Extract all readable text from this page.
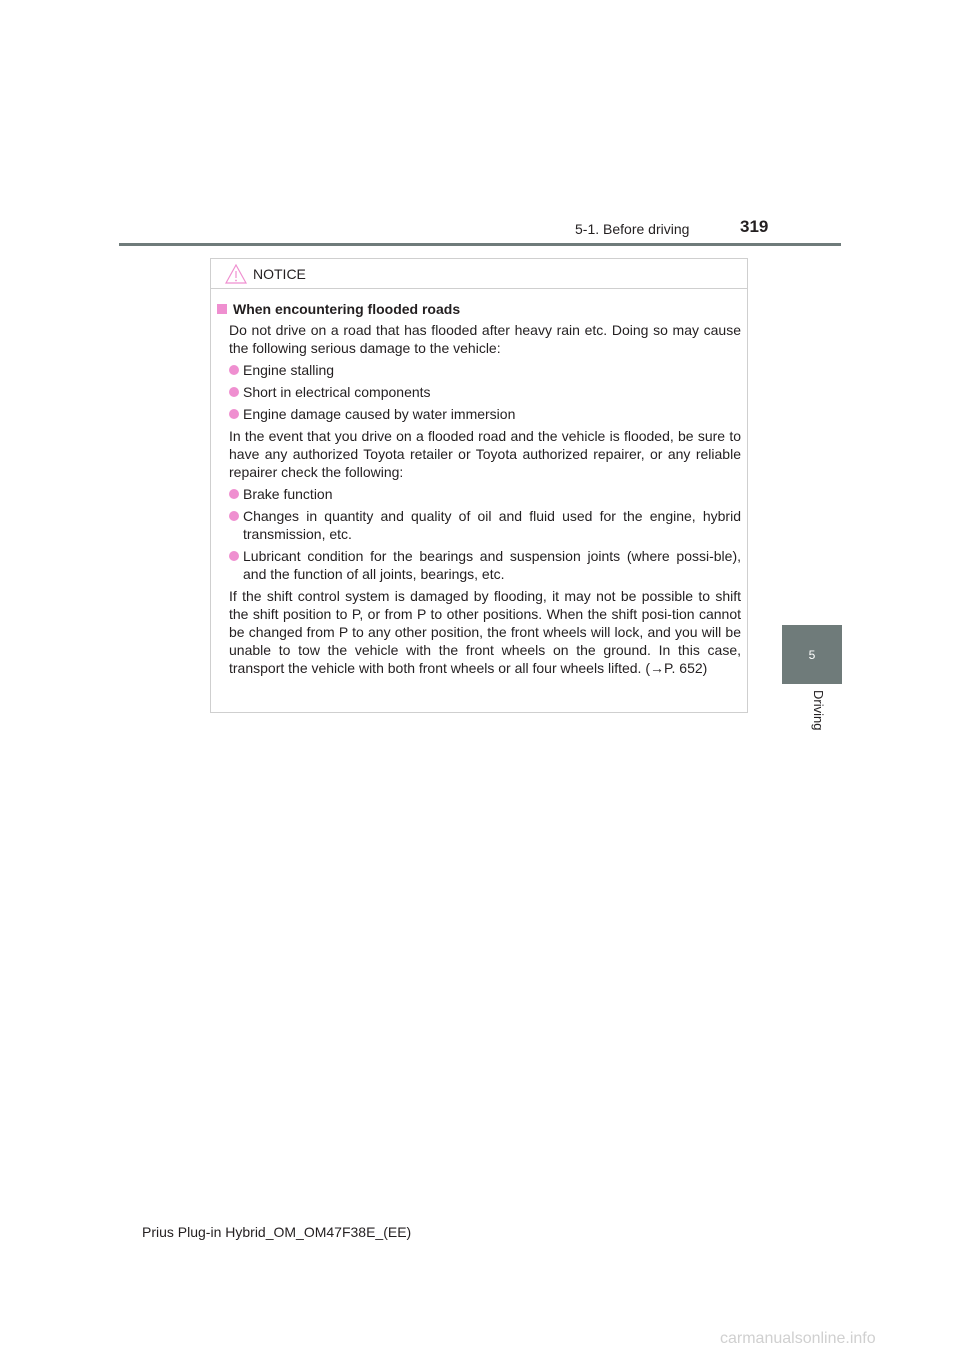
5-1. Before driving	319
5
Driving
NOTICE
When encountering flooded roads

Do not drive on a road that has flooded after heavy rain etc. Doing so may cause the following serious damage to the vehicle:

Engine stalling
Short in electrical components
Engine damage caused by water immersion

In the event that you drive on a flooded road and the vehicle is flooded, be sure to have any authorized Toyota retailer or Toyota authorized repairer, or any reliable repairer check the following:

Brake function
Changes in quantity and quality of oil and fluid used for the engine, hybrid transmission, etc.
Lubricant condition for the bearings and suspension joints (where possi-ble), and the function of all joints, bearings, etc.

If the shift control system is damaged by flooding, it may not be possible to shift the shift position to P, or from P to other positions. When the shift posi-tion cannot be changed from P to any other position, the front wheels will lock, and you will be unable to tow the vehicle with the front wheels on the ground. In this case, transport the vehicle with both front wheels or all four wheels lifted. (→P. 652)

Prius Plug-in Hybrid_OM_OM47F38E_(EE)
carmanualsonline.info
